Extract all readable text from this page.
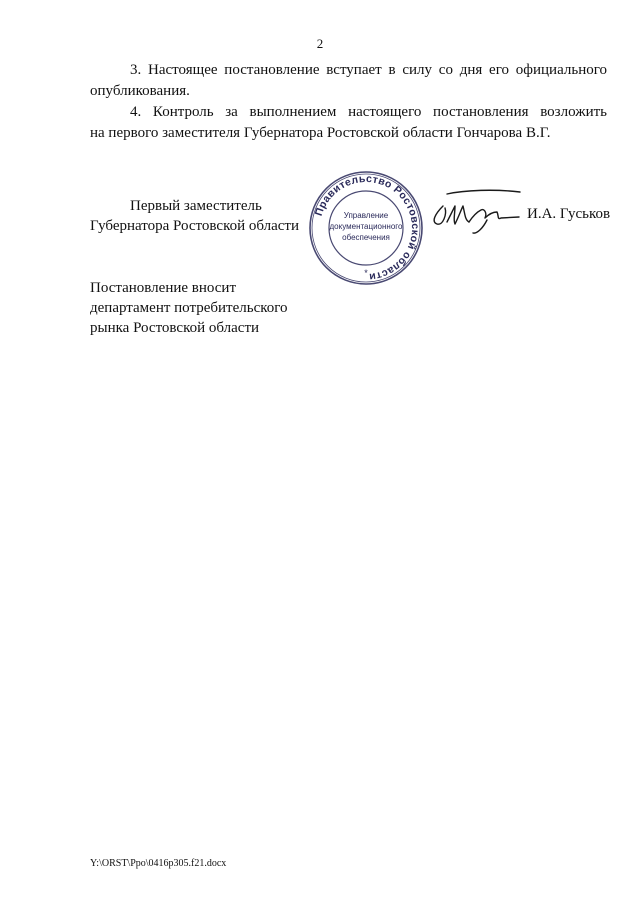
2
3. Настоящее постановление вступает в силу со дня его официального
опубликования.
4. Контроль за выполнением настоящего постановления возложить
на первого заместителя Губернатора Ростовской области Гончарова В.Г.
Первый заместитель
Губернатора Ростовской области
Правительство Ростовской области
Управление
документационного
обеспечения
*
И.А. Гуськов
Постановление вносит
департамент потребительского
рынка Ростовской области
Y:\ORST\Ppo\0416p305.f21.docx
